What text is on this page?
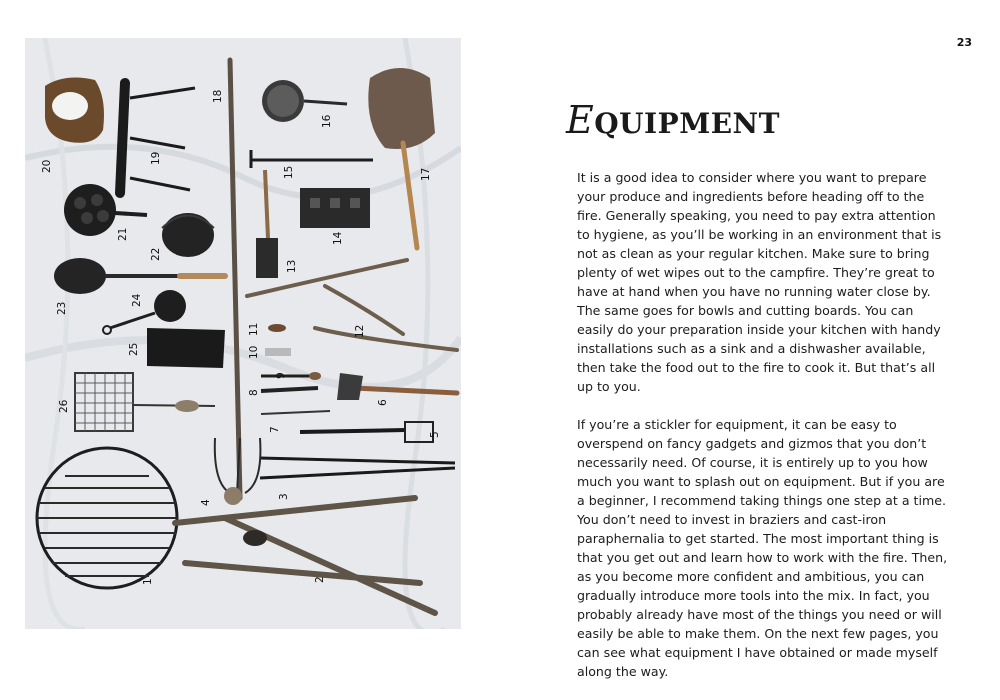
1	2
3
4
5
6
7
8
9
10
11	12
13
14
15
16
17
18
19
20
21
22
23
24
25
26
23
EQUIPMENT

It is a good idea to consider where you want to prepare your produce and ingredients before heading off to the fire. Generally speaking, you need to pay extra attention to hygiene, as you’ll be working in an environment that is not as clean as your regular kitchen. Make sure to bring plenty of wet wipes out to the campfire. They’re great to have at hand when you have no running water close by. The same goes for bowls and cutting boards. You can easily do your preparation inside your kitchen with handy installations such as a sink and a dishwasher available, then take the food out to the fire to cook it. But that’s all up to you.

If you’re a stickler for equipment, it can be easy to overspend on fancy gadgets and gizmos that you don’t necessarily need. Of course, it is entirely up to you how much you want to splash out on equipment. But if you are a beginner, I recommend taking things one step at a time. You don’t need to invest in braziers and cast-iron paraphernalia to get started. The most important thing is that you get out and learn how to work with the fire. Then, as you become more confident and ambitious, you can gradually introduce more tools into the mix. In fact, you probably already have most of the things you need or will easily be able to make them. On the next few pages, you can see what equipment I have obtained or made myself along the way.
